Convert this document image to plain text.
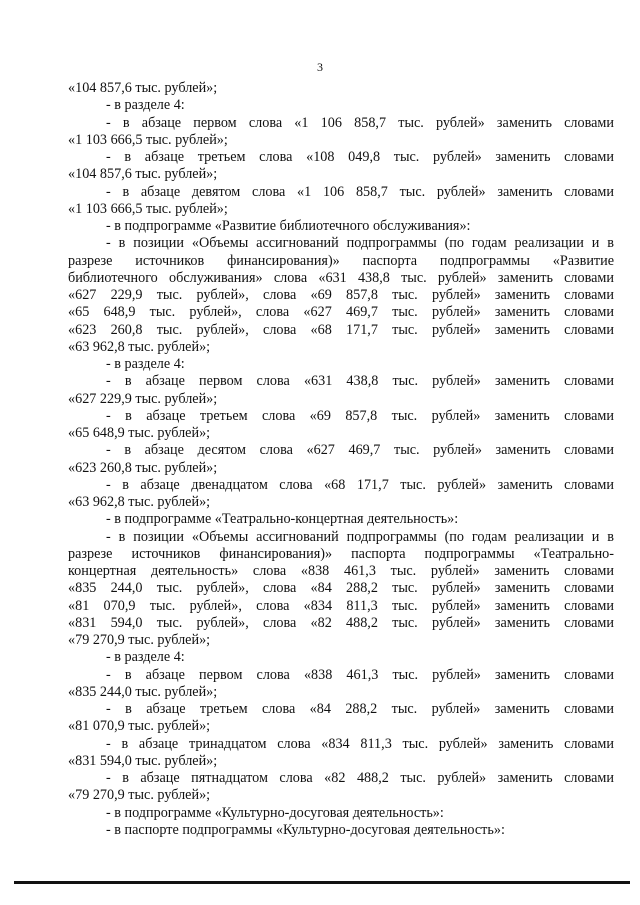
3
«104 857,6 тыс. рублей»;
- в разделе 4:
- в абзаце первом слова «1 106 858,7 тыс. рублей» заменить словами
«1 103 666,5 тыс. рублей»;
- в абзаце третьем слова «108 049,8 тыс. рублей» заменить словами
«104 857,6 тыс. рублей»;
- в абзаце девятом слова «1 106 858,7 тыс. рублей» заменить словами
«1 103 666,5 тыс. рублей»;
- в подпрограмме «Развитие библиотечного обслуживания»:
- в позиции «Объемы ассигнований подпрограммы (по годам реализации и в
разрезе источников финансирования)» паспорта подпрограммы «Развитие
библиотечного обслуживания» слова «631 438,8 тыс. рублей» заменить словами
«627 229,9 тыс. рублей», слова «69 857,8 тыс. рублей» заменить словами
«65 648,9 тыс. рублей», слова «627 469,7 тыс. рублей» заменить словами
«623 260,8 тыс. рублей», слова «68 171,7 тыс. рублей» заменить словами
«63 962,8 тыс. рублей»;
- в разделе 4:
- в абзаце первом слова «631 438,8 тыс. рублей» заменить словами
«627 229,9 тыс. рублей»;
- в абзаце третьем слова «69 857,8 тыс. рублей» заменить словами
«65 648,9 тыс. рублей»;
- в абзаце десятом слова «627 469,7 тыс. рублей» заменить словами
«623 260,8 тыс. рублей»;
- в абзаце двенадцатом слова «68 171,7 тыс. рублей» заменить словами
«63 962,8 тыс. рублей»;
- в подпрограмме «Театрально-концертная деятельность»:
- в позиции «Объемы ассигнований подпрограммы (по годам реализации и в
разрезе источников финансирования)» паспорта подпрограммы «Театрально-
концертная деятельность» слова «838 461,3 тыс. рублей» заменить словами
«835 244,0 тыс. рублей», слова «84 288,2 тыс. рублей» заменить словами
«81 070,9 тыс. рублей», слова «834 811,3 тыс. рублей» заменить словами
«831 594,0 тыс. рублей», слова «82 488,2 тыс. рублей» заменить словами
«79 270,9 тыс. рублей»;
- в разделе 4:
- в абзаце первом слова «838 461,3 тыс. рублей» заменить словами
«835 244,0 тыс. рублей»;
- в абзаце третьем слова «84 288,2 тыс. рублей» заменить словами
«81 070,9 тыс. рублей»;
- в абзаце тринадцатом слова «834 811,3 тыс. рублей» заменить словами
«831 594,0 тыс. рублей»;
- в абзаце пятнадцатом слова «82 488,2 тыс. рублей» заменить словами
«79 270,9 тыс. рублей»;
- в подпрограмме «Культурно-досуговая деятельность»:
- в паспорте подпрограммы «Культурно-досуговая деятельность»:
